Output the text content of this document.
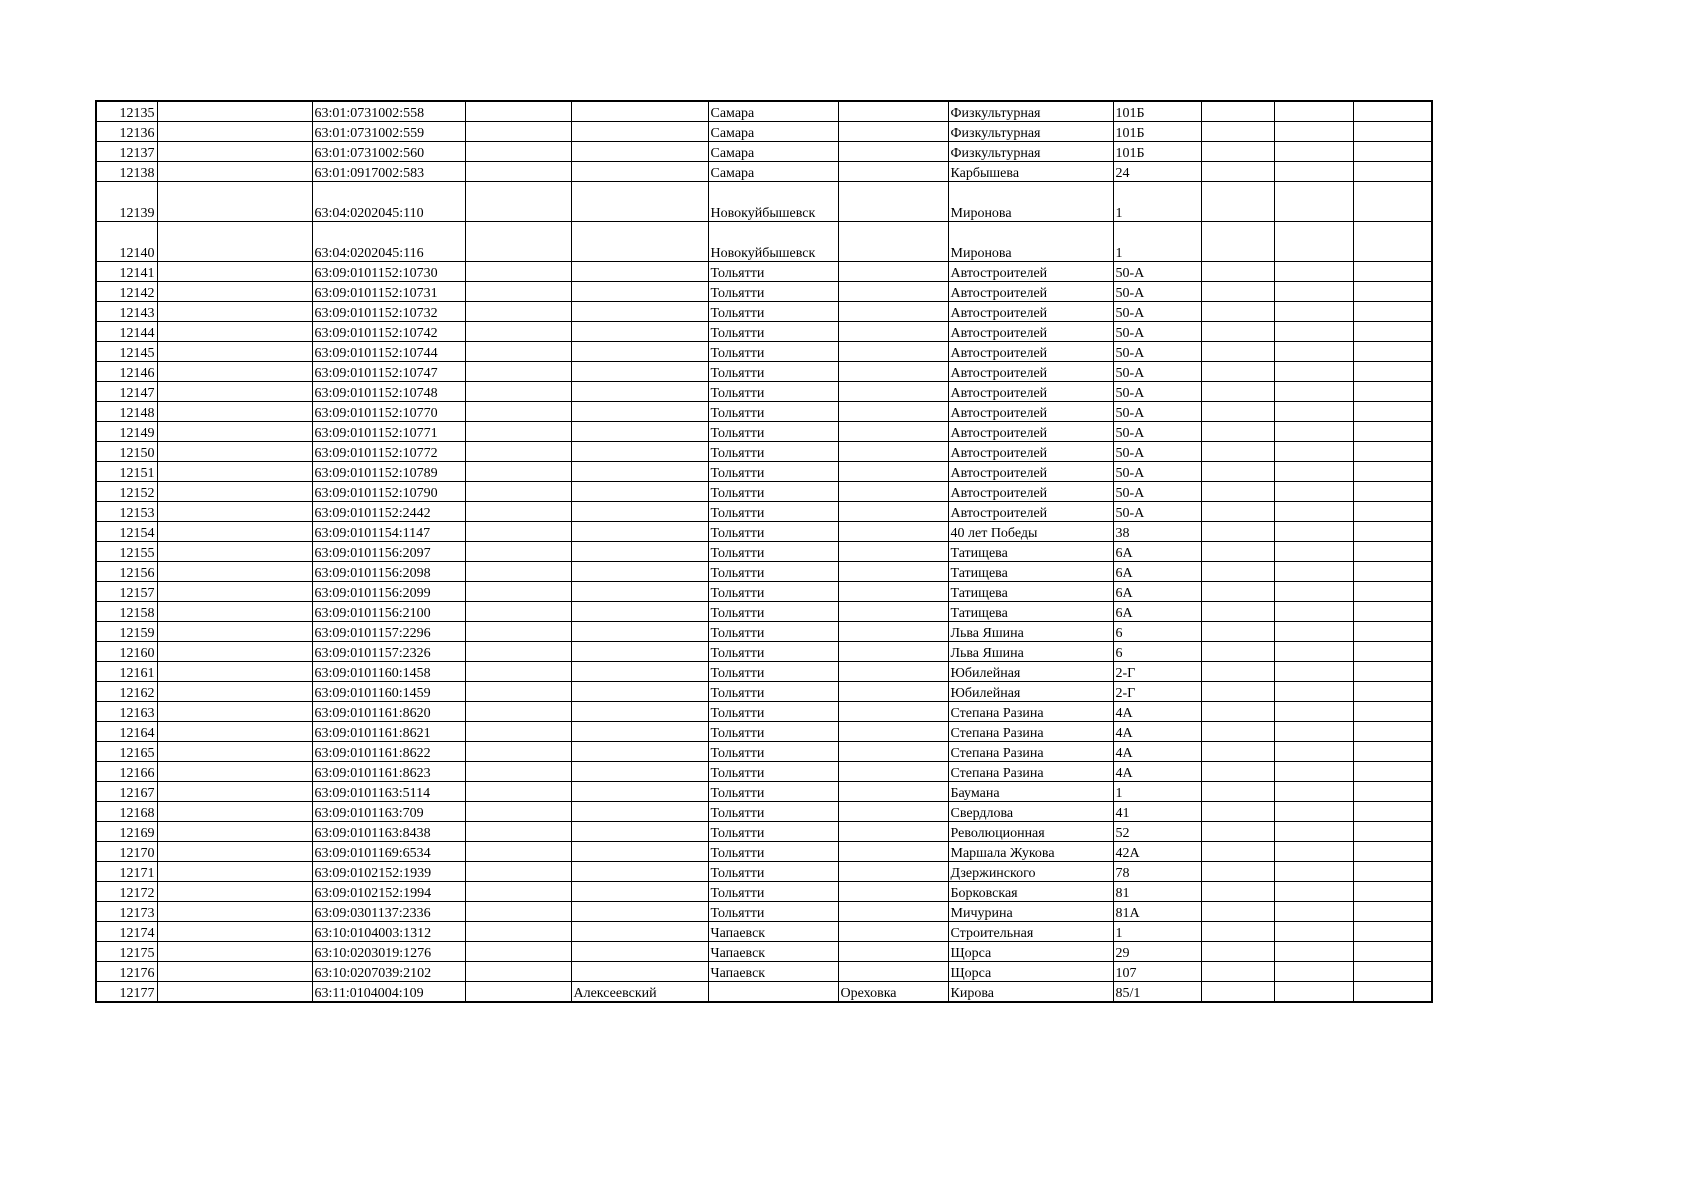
12135		63:01:0731002:558			Самара		Физкультурная	101Б			
12136		63:01:0731002:559			Самара		Физкультурная	101Б			
12137		63:01:0731002:560			Самара		Физкультурная	101Б			
12138		63:01:0917002:583			Самара		Карбышева	24			
12139		63:04:0202045:110			Новокуйбышевск		Миронова	1			
12140		63:04:0202045:116			Новокуйбышевск		Миронова	1			
12141		63:09:0101152:10730			Тольятти		Автостроителей	50-А			
12142		63:09:0101152:10731			Тольятти		Автостроителей	50-А			
12143		63:09:0101152:10732			Тольятти		Автостроителей	50-А			
12144		63:09:0101152:10742			Тольятти		Автостроителей	50-А			
12145		63:09:0101152:10744			Тольятти		Автостроителей	50-А			
12146		63:09:0101152:10747			Тольятти		Автостроителей	50-А			
12147		63:09:0101152:10748			Тольятти		Автостроителей	50-А			
12148		63:09:0101152:10770			Тольятти		Автостроителей	50-А			
12149		63:09:0101152:10771			Тольятти		Автостроителей	50-А			
12150		63:09:0101152:10772			Тольятти		Автостроителей	50-А			
12151		63:09:0101152:10789			Тольятти		Автостроителей	50-А			
12152		63:09:0101152:10790			Тольятти		Автостроителей	50-А			
12153		63:09:0101152:2442			Тольятти		Автостроителей	50-А			
12154		63:09:0101154:1147			Тольятти		40 лет Победы	38			
12155		63:09:0101156:2097			Тольятти		Татищева	6А			
12156		63:09:0101156:2098			Тольятти		Татищева	6А			
12157		63:09:0101156:2099			Тольятти		Татищева	6А			
12158		63:09:0101156:2100			Тольятти		Татищева	6А			
12159		63:09:0101157:2296			Тольятти		Льва Яшина	6			
12160		63:09:0101157:2326			Тольятти		Льва Яшина	6			
12161		63:09:0101160:1458			Тольятти		Юбилейная	2-Г			
12162		63:09:0101160:1459			Тольятти		Юбилейная	2-Г			
12163		63:09:0101161:8620			Тольятти		Степана Разина	4А			
12164		63:09:0101161:8621			Тольятти		Степана Разина	4А			
12165		63:09:0101161:8622			Тольятти		Степана Разина	4А			
12166		63:09:0101161:8623			Тольятти		Степана Разина	4А			
12167		63:09:0101163:5114			Тольятти		Баумана	1			
12168		63:09:0101163:709			Тольятти		Свердлова	41			
12169		63:09:0101163:8438			Тольятти		Революционная	52			
12170		63:09:0101169:6534			Тольятти		Маршала Жукова	42А			
12171		63:09:0102152:1939			Тольятти		Дзержинского	78			
12172		63:09:0102152:1994			Тольятти		Борковская	81			
12173		63:09:0301137:2336			Тольятти		Мичурина	81А			
12174		63:10:0104003:1312			Чапаевск		Строительная	1			
12175		63:10:0203019:1276			Чапаевск		Щорса	29			
12176		63:10:0207039:2102			Чапаевск		Щорса	107			
12177		63:11:0104004:109		Алексеевский		Ореховка	Кирова	85/1			
